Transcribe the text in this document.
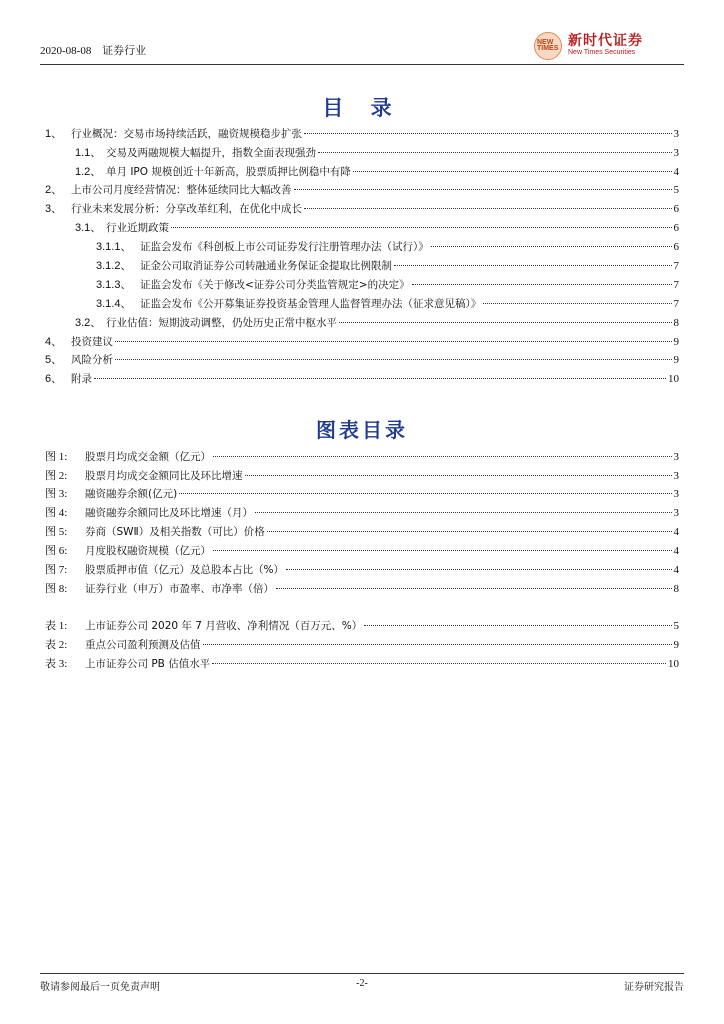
2020-08-08 证券行业
NEW TIMES 新时代证券
New Times Securities
目 录
1、 行业概况：交易市场持续活跃，融资规模稳步扩张	3
1.1、 交易及两融规模大幅提升，指数全面表现强劲	3
1.2、 单月 IPO 规模创近十年新高，股票质押比例稳中有降	4
2、 上市公司月度经营情况：整体延续同比大幅改善	5
3、 行业未来发展分析：分享改革红利，在优化中成长	6
3.1、 行业近期政策	6
3.1.1、 证监会发布《科创板上市公司证券发行注册管理办法（试行）》	6
3.1.2、 证金公司取消证券公司转融通业务保证金提取比例限制	7
3.1.3、 证监会发布《关于修改<证券公司分类监管规定>的决定》	7
3.1.4、 证监会发布《公开募集证券投资基金管理人监督管理办法（征求意见稿）》	7
3.2、 行业估值：短期波动调整，仍处历史正常中枢水平	8
4、 投资建议	9
5、 风险分析	9
6、 附录	10
图表目录
图 1:	股票月均成交金额（亿元）	3
图 2:	股票月均成交金额同比及环比增速	3
图 3:	融资融券余额(亿元)	3
图 4:	融资融券余额同比及环比增速（月）	3
图 5:	券商（SWⅡ）及相关指数（可比）价格	4
图 6:	月度股权融资规模（亿元）	4
图 7:	股票质押市值（亿元）及总股本占比（%）	4
图 8:	证券行业（申万）市盈率、市净率（倍）	8
表 1:	上市证券公司 2020 年 7 月营收、净利情况（百万元、%）	5
表 2:	重点公司盈利预测及估值	9
表 3:	上市证券公司 PB 估值水平	10
敬请参阅最后一页免责声明	-2-	证券研究报告
